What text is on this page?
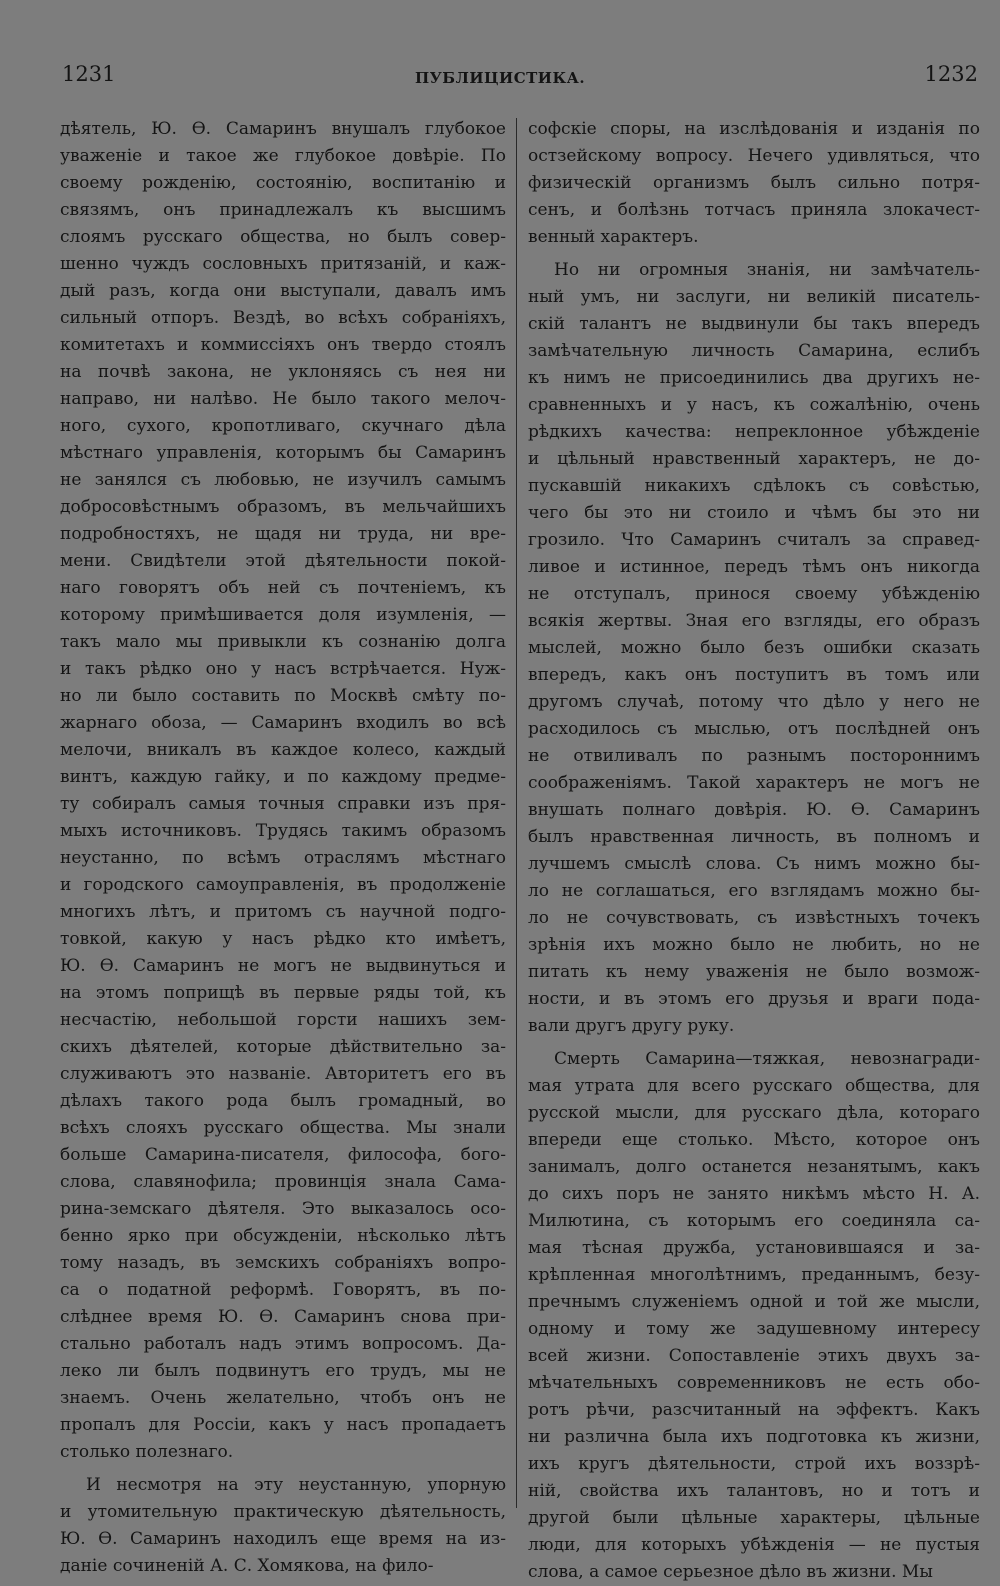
1231	ПУБЛИЦИСТИКА.	1232
дѣятель, Ю. Ѳ. Самаринъ внушалъ глубокое
уваженіе и такое же глубокое довѣріе. По
своему рожденію, состоянію, воспитанію и
связямъ, онъ принадлежалъ къ высшимъ
слоямъ русскаго общества, но былъ совер-
шенно чуждъ сословныхъ притязаній, и каж-
дый разъ, когда они выступали, давалъ имъ
сильный отпоръ. Вездѣ, во всѣхъ собраніяхъ,
комитетахъ и коммиссіяхъ онъ твердо стоялъ
на почвѣ закона, не уклоняясь съ нея ни
направо, ни налѣво. Не было такого мелоч-
ного, сухого, кропотливаго, скучнаго дѣла
мѣстнаго управленія, которымъ бы Самаринъ
не занялся съ любовью, не изучилъ самымъ
добросовѣстнымъ образомъ, въ мельчайшихъ
подробностяхъ, не щадя ни труда, ни вре-
мени. Свидѣтели этой дѣятельности покой-
наго говорятъ объ ней съ почтеніемъ, къ
которому примѣшивается доля изумленія, —
такъ мало мы привыкли къ сознанію долга
и такъ рѣдко оно у насъ встрѣчается. Нуж-
но ли было составить по Москвѣ смѣту по-
жарнаго обоза, — Самаринъ входилъ во всѣ
мелочи, вникалъ въ каждое колесо, каждый
винтъ, каждую гайку, и по каждому предме-
ту собиралъ самыя точныя справки изъ пря-
мыхъ источниковъ. Трудясь такимъ образомъ
неустанно, по всѣмъ отраслямъ мѣстнаго
и городского самоуправленія, въ продолженіе
многихъ лѣтъ, и притомъ съ научной подго-
товкой, какую у насъ рѣдко кто имѣетъ,
Ю. Ѳ. Самаринъ не могъ не выдвинуться и
на этомъ поприщѣ въ первые ряды той, къ
несчастію, небольшой горсти нашихъ зем-
скихъ дѣятелей, которые дѣйствительно за-
служиваютъ это названіе. Авторитетъ его въ
дѣлахъ такого рода былъ громадный, во
всѣхъ слояхъ русскаго общества. Мы знали
больше Самарина-писателя, философа, бого-
слова, славянофила; провинція знала Сама-
рина-земскаго дѣятеля. Это выказалось осо-
бенно ярко при обсужденіи, нѣсколько лѣтъ
тому назадъ, въ земскихъ собраніяхъ вопро-
са о податной реформѣ. Говорятъ, въ по-
слѣднее время Ю. Ѳ. Самаринъ снова при-
стально работалъ надъ этимъ вопросомъ. Да-
леко ли былъ подвинутъ его трудъ, мы не
знаемъ. Очень желательно, чтобъ онъ не
пропалъ для Россіи, какъ у насъ пропадаетъ
столько полезнаго.
И несмотря на эту неустанную, упорную
и утомительную практическую дѣятельность,
Ю. Ѳ. Самаринъ находилъ еще время на из-
даніе сочиненій А. С. Хомякова, на фило-
софскіе споры, на изслѣдованія и изданія по
остзейскому вопросу. Нечего удивляться, что
физическій организмъ былъ сильно потря-
сенъ, и болѣзнь тотчасъ приняла злокачест-
венный характеръ.
Но ни огромныя знанія, ни замѣчатель-
ный умъ, ни заслуги, ни великій писатель-
скій талантъ не выдвинули бы такъ впередъ
замѣчательную личность Самарина, еслибъ
къ нимъ не присоединились два другихъ не-
сравненныхъ и у насъ, къ сожалѣнію, очень
рѣдкихъ качества: непреклонное убѣжденіе
и цѣльный нравственный характеръ, не до-
пускавшій никакихъ сдѣлокъ съ совѣстью,
чего бы это ни стоило и чѣмъ бы это ни
грозило. Что Самаринъ считалъ за справед-
ливое и истинное, передъ тѣмъ онъ никогда
не отступалъ, принося своему убѣжденію
всякія жертвы. Зная его взгляды, его образъ
мыслей, можно было безъ ошибки сказать
впередъ, какъ онъ поступитъ въ томъ или
другомъ случаѣ, потому что дѣло у него не
расходилось съ мыслью, отъ послѣдней онъ
не отвиливалъ по разнымъ постороннимъ
соображеніямъ. Такой характеръ не могъ не
внушать полнаго довѣрія. Ю. Ѳ. Самаринъ
былъ нравственная личность, въ полномъ и
лучшемъ смыслѣ слова. Съ нимъ можно бы-
ло не соглашаться, его взглядамъ можно бы-
ло не сочувствовать, съ извѣстныхъ точекъ
зрѣнія ихъ можно было не любить, но не
питать къ нему уваженія не было возмож-
ности, и въ этомъ его друзья и враги пода-
вали другъ другу руку.
Смерть Самарина—тяжкая, невознагради-
мая утрата для всего русскаго общества, для
русской мысли, для русскаго дѣла, котораго
впереди еще столько. Мѣсто, которое онъ
занималъ, долго останется незанятымъ, какъ
до сихъ поръ не занято никѣмъ мѣсто Н. А.
Милютина, съ которымъ его соединяла са-
мая тѣсная дружба, установившаяся и за-
крѣпленная многолѣтнимъ, преданнымъ, безу-
пречнымъ служеніемъ одной и той же мысли,
одному и тому же задушевному интересу
всей жизни. Сопоставленіе этихъ двухъ за-
мѣчательныхъ современниковъ не есть обо-
ротъ рѣчи, разсчитанный на эффектъ. Какъ
ни различна была ихъ подготовка къ жизни,
ихъ кругъ дѣятельности, строй ихъ воззрѣ-
ній, свойства ихъ талантовъ, но и тотъ и
другой были цѣльные характеры, цѣльные
люди, для которыхъ убѣжденія — не пустыя
слова, а самое серьезное дѣло въ жизни. Мы
